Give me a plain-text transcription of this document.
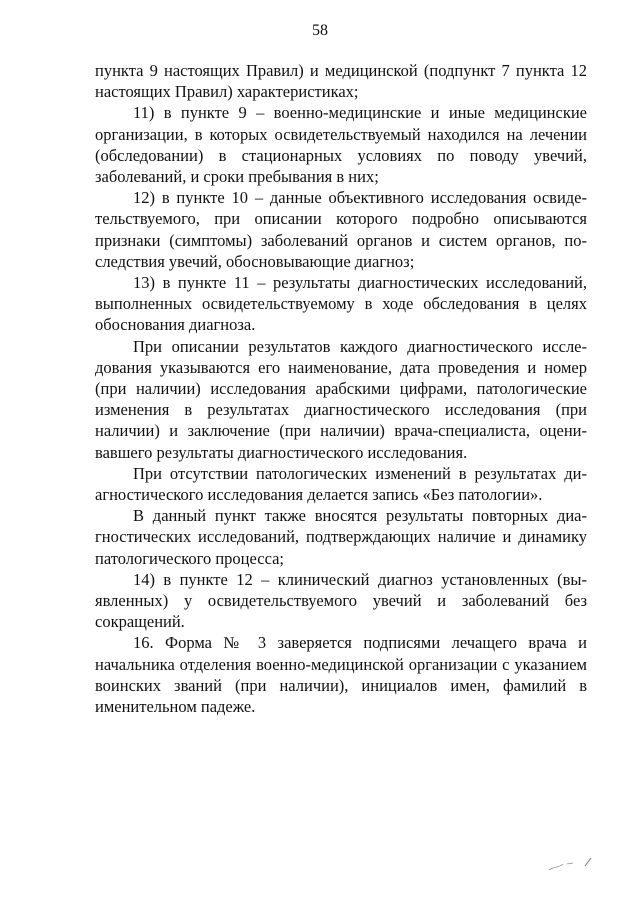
58

пункта 9 настоящих Правил) и медицинской (подпункт 7 пункта 12 настоящих Правил) характеристиках;

11) в пункте 9 – военно-медицинские и иные медицинские организации, в которых освидетельствуемый находился на лечении (обследовании) в стационарных условиях по поводу увечий, заболеваний, и сроки пребывания в них;

12) в пункте 10 – данные объективного исследования освидетельствуемого, при описании которого подробно описываются признаки (симптомы) заболеваний органов и систем органов, последствия увечий, обосновывающие диагноз;

13) в пункте 11 – результаты диагностических исследований, выполненных освидетельствуемому в ходе обследования в целях обоснования диагноза.

При описании результатов каждого диагностического исследования указываются его наименование, дата проведения и номер (при наличии) исследования арабскими цифрами, патологические изменения в результатах диагностического исследования (при наличии) и заключение (при наличии) врача-специалиста, оценивавшего результаты диагностического исследования.

При отсутствии патологических изменений в результатах диагностического исследования делается запись «Без патологии».

В данный пункт также вносятся результаты повторных диагностических исследований, подтверждающих наличие и динамику патологического процесса;

14) в пункте 12 – клинический диагноз установленных (выявленных) у освидетельствуемого увечий и заболеваний без сокращений.

16. Форма № 3 заверяется подписями лечащего врача и начальника отделения военно-медицинской организации с указанием воинских званий (при наличии), инициалов имен, фамилий в именительном падеже.
